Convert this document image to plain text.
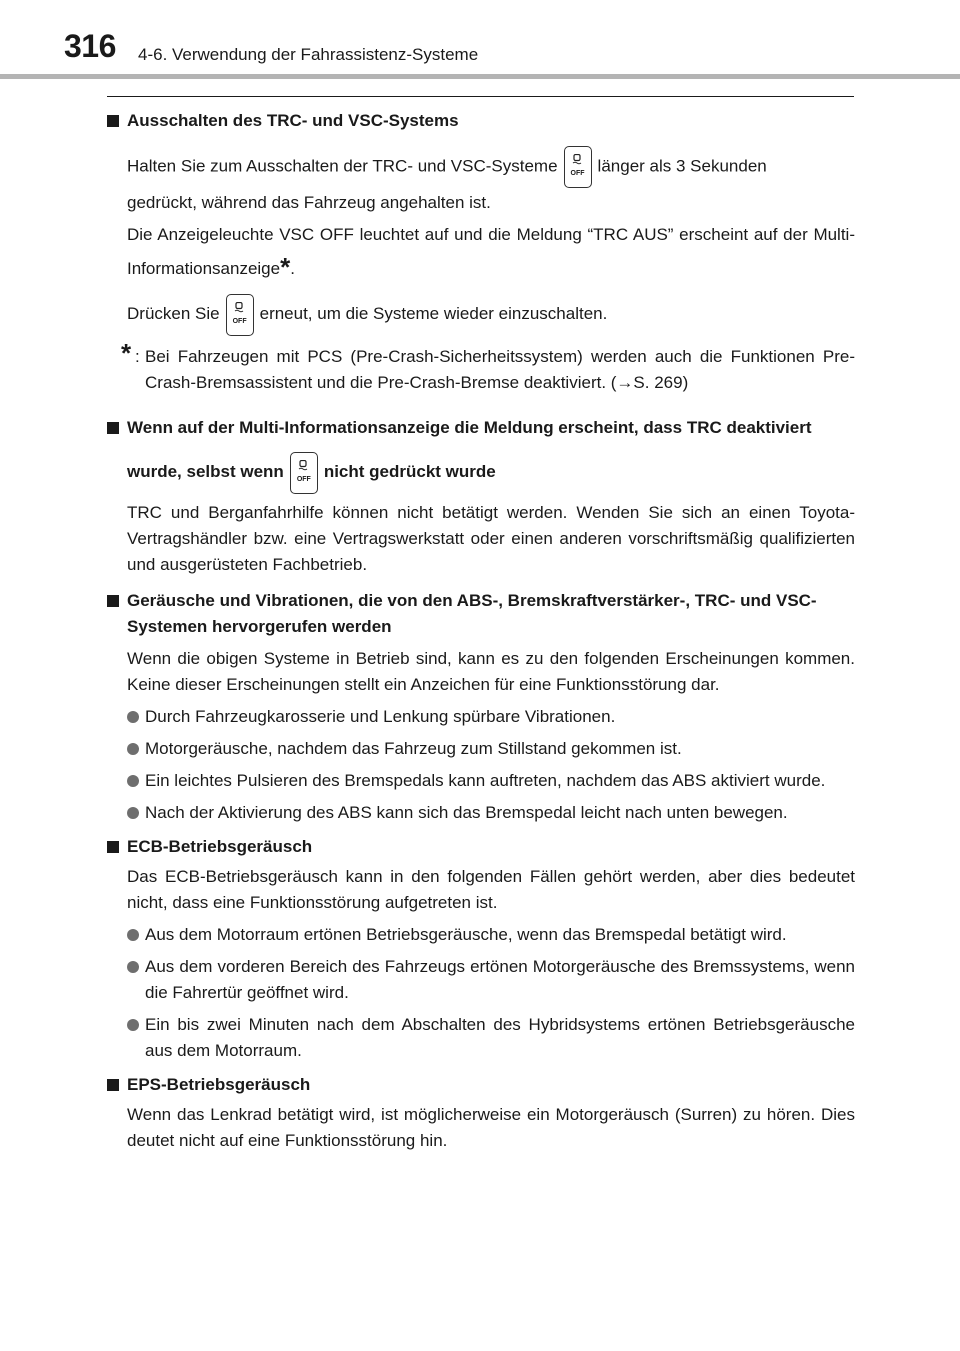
316 4-6. Verwendung der Fahrassistenz-Systeme
Ausschalten des TRC- und VSC-Systems
Halten Sie zum Ausschalten der TRC- und VSC-Systeme	OFF länger als 3 Sekunden
gedrückt, während das Fahrzeug angehalten ist.
Die Anzeigeleuchte VSC OFF leuchtet auf und die Meldung “TRC AUS” erscheint auf der Multi-Informationsanzeige*.
Drücken Sie	OFF erneut, um die Systeme wieder einzuschalten.
* : Bei Fahrzeugen mit PCS (Pre-Crash-Sicherheitssystem) werden auch die Funktionen Pre-Crash-Bremsassistent und die Pre-Crash-Bremse deaktiviert. (→S. 269)
Wenn auf der Multi-Informationsanzeige die Meldung erscheint, dass TRC deaktiviert wurde, selbst wenn	OFF nicht gedrückt wurde
TRC und Berganfahrhilfe können nicht betätigt werden. Wenden Sie sich an einen Toyota-Vertragshändler bzw. eine Vertragswerkstatt oder einen anderen vorschriftsmäßig qualifizierten und ausgerüsteten Fachbetrieb.
Geräusche und Vibrationen, die von den ABS-, Bremskraftverstärker-, TRC- und VSC-Systemen hervorgerufen werden
Wenn die obigen Systeme in Betrieb sind, kann es zu den folgenden Erscheinungen kommen. Keine dieser Erscheinungen stellt ein Anzeichen für eine Funktionsstörung dar.
Durch Fahrzeugkarosserie und Lenkung spürbare Vibrationen.
Motorgeräusche, nachdem das Fahrzeug zum Stillstand gekommen ist.
Ein leichtes Pulsieren des Bremspedals kann auftreten, nachdem das ABS aktiviert wurde.
Nach der Aktivierung des ABS kann sich das Bremspedal leicht nach unten bewegen.
ECB-Betriebsgeräusch
Das ECB-Betriebsgeräusch kann in den folgenden Fällen gehört werden, aber dies bedeutet nicht, dass eine Funktionsstörung aufgetreten ist.
Aus dem Motorraum ertönen Betriebsgeräusche, wenn das Bremspedal betätigt wird.
Aus dem vorderen Bereich des Fahrzeugs ertönen Motorgeräusche des Bremssystems, wenn die Fahrertür geöffnet wird.
Ein bis zwei Minuten nach dem Abschalten des Hybridsystems ertönen Betriebsgeräusche aus dem Motorraum.
EPS-Betriebsgeräusch
Wenn das Lenkrad betätigt wird, ist möglicherweise ein Motorgeräusch (Surren) zu hören. Dies deutet nicht auf eine Funktionsstörung hin.
